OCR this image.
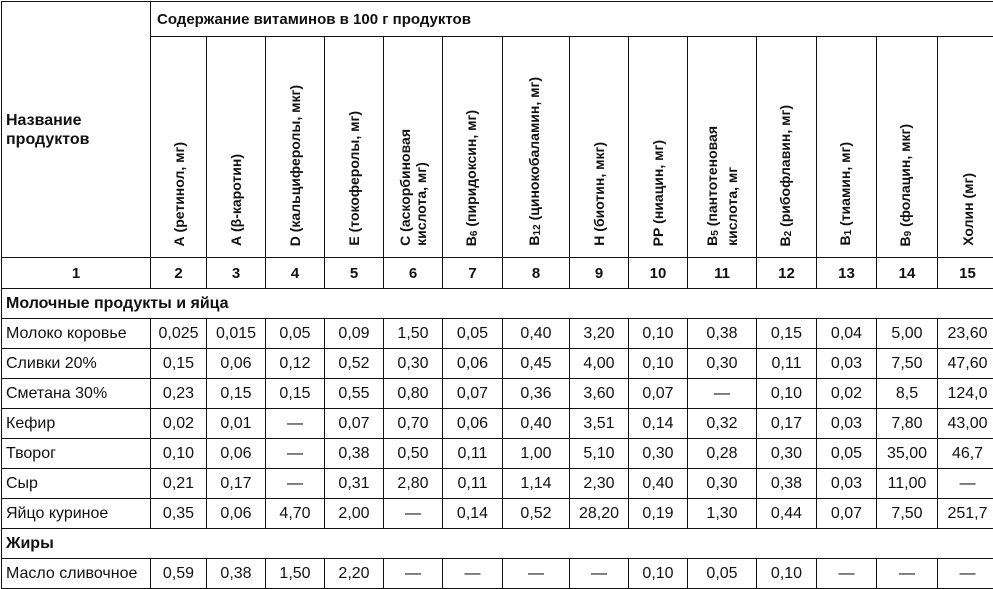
Название продуктов	Содержание витаминов в 100 г продуктов													
	А (ретинол, мг)	А (β-каротин)	D (кальциферолы, мкг)	Е (токоферолы, мг)	С (аскорбиновая
кислота, мг)	$В_6$ (пиридоксин, мг)	$В_{12}$ (цинокобаламин, мг)	Н (биотин, мкг)	РР (ниацин, мг)	$В_5$ (пантотеновая кислота, мг	$В_2$ (рибофлавин, мг)	$В_1$ (тиамин, мг)	$В_9$ (фолацин, мкг)	Холин (мг)
1	2	3	4	5	6	7	8	9	10	11	12	13	14	15
Молочные продукты и яйца														
Молоко коровье	0,025	0,015	0,05	0,09	1,50	0,05	0,40	3,20	0,10	0,38	0,15	0,04	5,00	23,60
Сливки 20%	0,15	0,06	0,12	0,52	0,30	0,06	0,45	4,00	0,10	0,30	0,11	0,03	7,50	47,60
Сметана 30%	0,23	0,15	0,15	0,55	0,80	0,07	0,36	3,60	0,07	—	0,10	0,02	8,5	124,0
Кефир	0,02	0,01	—	0,07	0,70	0,06	0,40	3,51	0,14	0,32	0,17	0,03	7,80	43,00
Творог	0,10	0,06	—	0,38	0,50	0,11	1,00	5,10	0,30	0,28	0,30	0,05	35,00	46,7
Сыр	0,21	0,17	—	0,31	2,80	0,11	1,14	2,30	0,40	0,30	0,38	0,03	11,00	—
Яйцо куриное	0,35	0,06	4,70	2,00	—	0,14	0,52	28,20	0,19	1,30	0,44	0,07	7,50	251,7
Жиры														
Масло сливочное	0,59	0,38	1,50	2,20	—	—	—	—	0,10	0,05	0,10	—	—	—
